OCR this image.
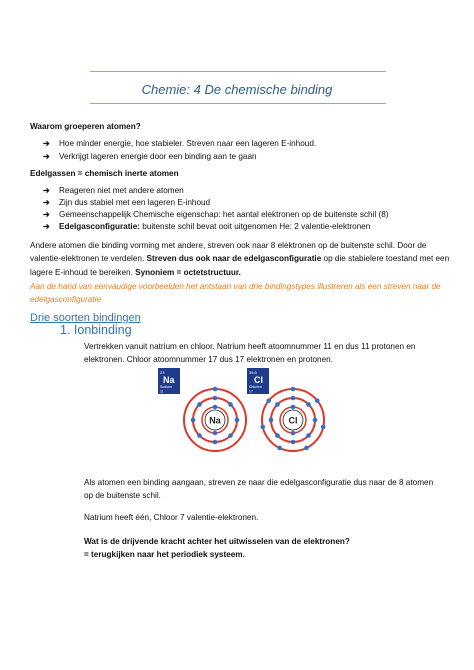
Chemie: 4 De chemische binding
Waarom groeperen atomen?
➔ Hoe minder energie, hoe stabieler. Streven naar een lageren E-inhoud.
➔ Verkrijgt lageren energie door een binding aan te gaan
Edelgassen = chemisch inerte atomen
➔ Reageren niet met andere atomen
➔ Zijn dus stabiel met een lageren E-inhoud
➔ Gemeenschappelijk Chemische eigenschap: het aantal elektronen op de buitenste schil (8)
➔ Edelgasconfiguratie: buitenste schil bevat ooit uitgenomen He: 2 valentie-elektronen
Andere atomen die binding vorming met andere, streven ook naar 8 elektronen op de buitenste schil. Door de valentie-elektronen te verdelen. Streven dus ook naar de edelgasconfiguratie op die stabielere toestand met een lagere E-inhoud te bereiken. Synoniem = octetstructuur.
Aan de hand van eenvaudige voorbeelden het antstaan van drie bindingstypes illustreren als een streven naar de edelgasconfiguratie
Drie soorten bindingen
1. Ionbinding
Vertrekken vanuit natrium en chloor. Natrium heeft atoomnummer 11 en dus 11 protonen en elektronen. Chloor atoomnummer 17 dus 17 elektronen en protonen.
23
Na
Sodium
11
35.5
Cl
Chlorine
17
Na	Cl
Als atomen een binding aangaan, streven ze naar die edelgasconfiguratie dus naar de 8 atomen op de buitenste schil.
Natrium heeft één, Chloor 7 valentie-elektronen.
Wat is de drijvende kracht achter het uitwisselen van de elektronen?
= terugkijken naar het periodiek systeem.
